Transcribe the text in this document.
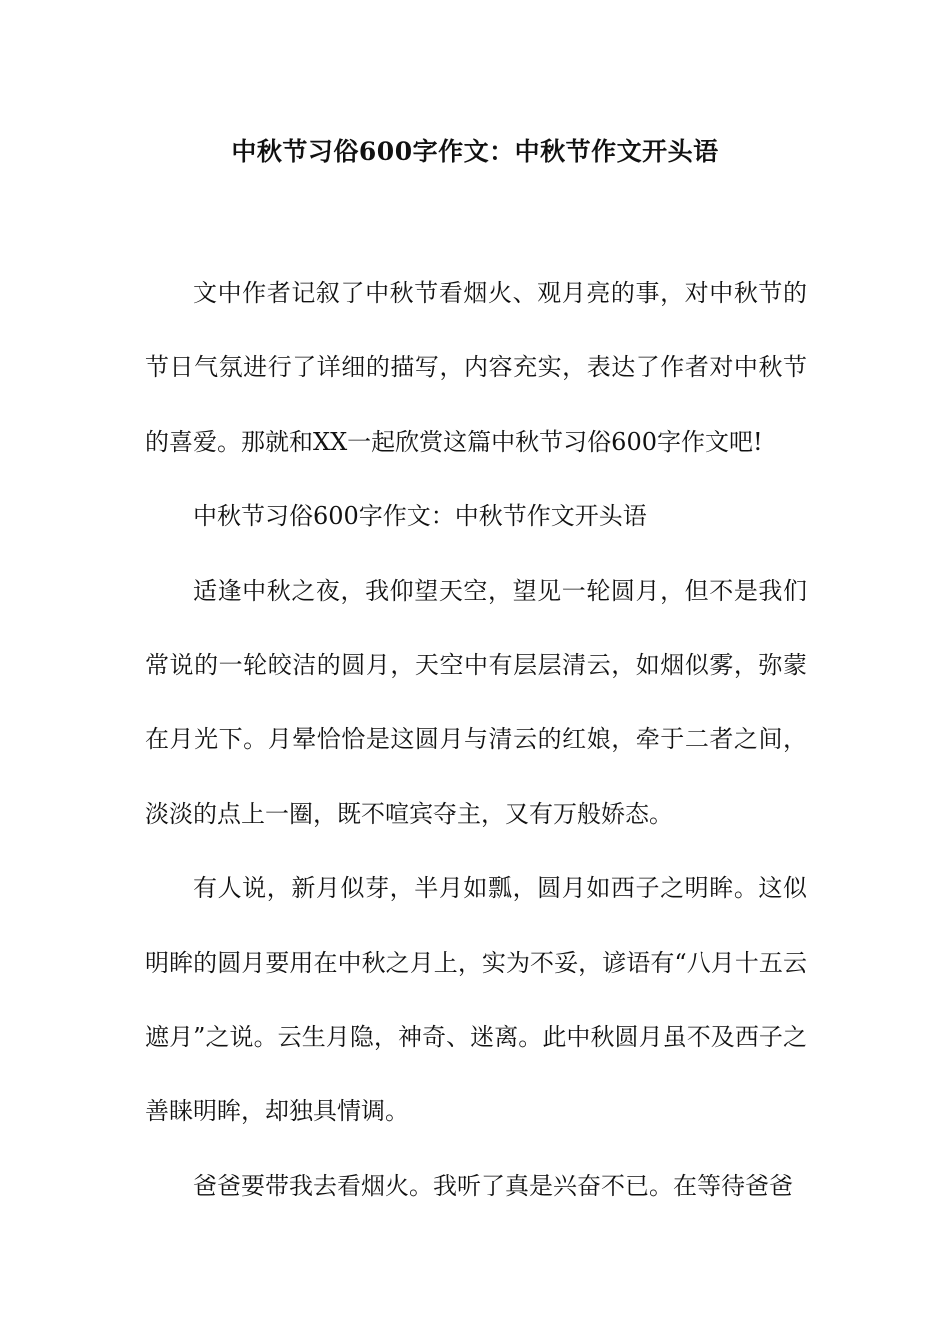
中秋节习俗600字作文：中秋节作文开头语

文中作者记叙了中秋节看烟火、观月亮的事，对中秋节的节日气氛进行了详细的描写，内容充实，表达了作者对中秋节的喜爱。那就和XX一起欣赏这篇中秋节习俗600字作文吧!

中秋节习俗600字作文：中秋节作文开头语

适逢中秋之夜，我仰望天空，望见一轮圆月，但不是我们常说的一轮皎洁的圆月，天空中有层层清云，如烟似雾，弥蒙在月光下。月晕恰恰是这圆月与清云的红娘，牵于二者之间，淡淡的点上一圈，既不喧宾夺主，又有万般娇态。

有人说，新月似芽，半月如瓢，圆月如西子之明眸。这似明眸的圆月要用在中秋之月上，实为不妥，谚语有“八月十五云遮月”之说。云生月隐，神奇、迷离。此中秋圆月虽不及西子之善睐明眸，却独具情调。

爸爸要带我去看烟火。我听了真是兴奋不已。在等待爸爸
